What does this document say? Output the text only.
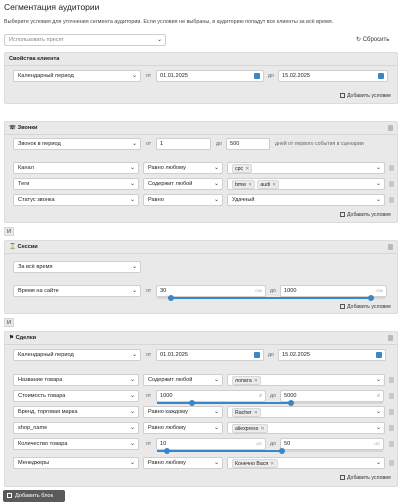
Сегментация аудитории
Выберите условия для уточнения сегмента аудитории. Если условия не выбраны, в аудиторию попадут все клиенты за всё время.
Использовать пресет	⌄	↻ Сбросить
Свойства клиента
Календарный период	⌄ от	01.01.2025	до	15.02.2025
Добавить условие
☏ Звонки
Звонок в период	⌄ от	1	до	500	дней от первого события в сценарии
Канал	⌄	Равно любому	⌄	cpc ✕	⌄
Теги	⌄	Содержит любой	⌄	bmw ✕ audi ✕	⌄
Статус звонка	⌄	Равно	⌄	Удачный	⌄
Добавить условие
И
⌛ Сессии
За всё время	⌄
Время на сайте	⌄ от	30	сек до	1000	сек
Добавить условие
И
⚑ Сделки
Календарный период	⌄ от	01.01.2025	до	15.02.2025
Название товара	⌄	Содержит любой	⌄	лопата ✕	⌄
Стоимость товара	⌄ от	1000	₽ до	5000	₽
Бренд, торговая марка	⌄	Равно каждому	⌄	Racher ✕	⌄
shop_name	⌄	Равно любому	⌄	aliexpress ✕	⌄
Количество товара	⌄ от	10	шт до	50	шт
Менеджеры	⌄	Равно любому	⌄	Конечно Вася ✕	⌄
Добавить условие
Добавить блок
